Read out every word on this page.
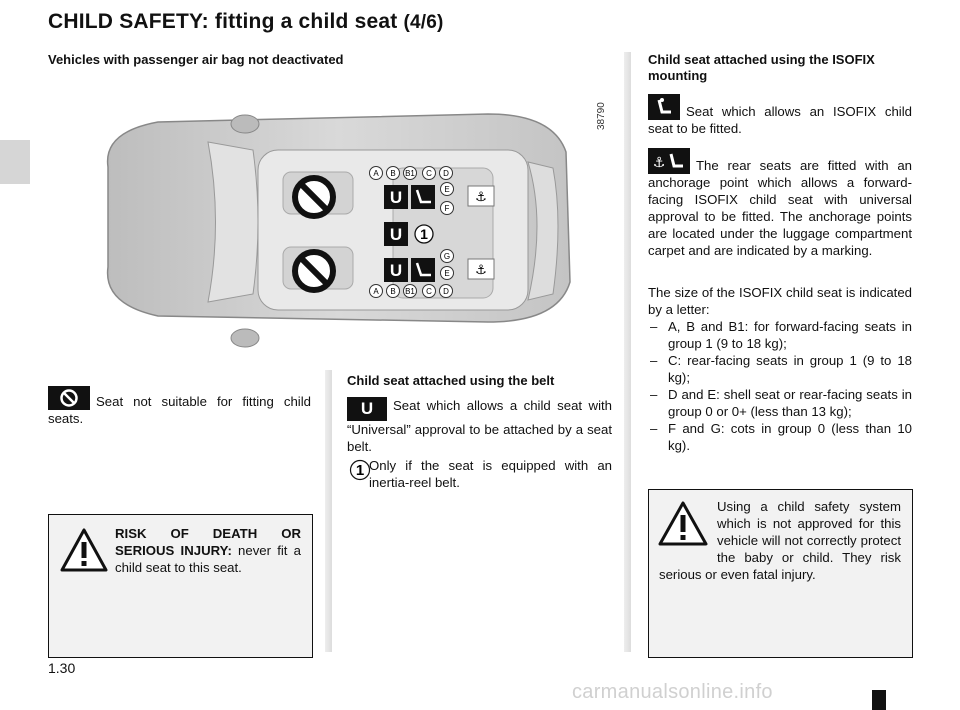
CHILD SAFETY: fitting a child seat (4/6)
Vehicles with passenger air bag not deactivated
38790
U
U
U
⚓
⚓
1
A B B1 C D
E
F
G
E
A B B1 C D
Seat not suitable for fitting child seats.
RISK OF DEATH OR SERIOUS INJURY: never fit a child seat to this seat.
Child seat attached using the belt
U Seat which allows a child seat with “Universal” approval to be attached by a seat belt.
1 Only if the seat is equipped with an inertia-reel belt.
Child seat attached using the ISOFIX mounting
Seat which allows an ISOFIX child seat to be fitted.
⚓ The rear seats are fitted with an anchorage point which allows a forward-facing ISOFIX child seat with universal approval to be fitted. The anchorage points are located under the luggage compartment carpet and are indicated by a marking.
The size of the ISOFIX child seat is indicated by a letter:
– A, B and B1: for forward-facing seats in group 1 (9 to 18 kg);
– C: rear-facing seats in group 1 (9 to 18 kg);
– D and E: shell seat or rear-facing seats in group 0 or 0+ (less than 13 kg);
– F and G: cots in group 0 (less than 10 kg).
Using a child safety system which is not approved for this vehicle will not correctly protect the baby or child. They risk serious or even fatal injury.
1.30
carmanualsonline.info
